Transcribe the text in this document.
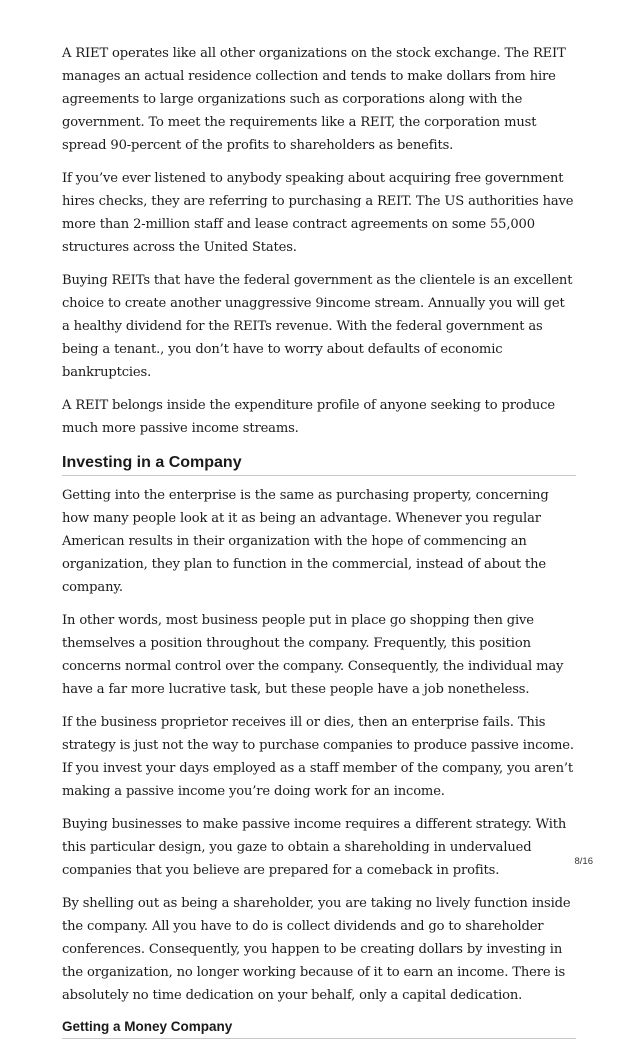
A RIET operates like all other organizations on the stock exchange. The REIT manages an actual residence collection and tends to make dollars from hire agreements to large organizations such as corporations along with the government. To meet the requirements like a REIT, the corporation must spread 90-percent of the profits to shareholders as benefits.

If you’ve ever listened to anybody speaking about acquiring free government hires checks, they are referring to purchasing a REIT. The US authorities have more than 2-million staff and lease contract agreements on some 55,000 structures across the United States.

Buying REITs that have the federal government as the clientele is an excellent choice to create another unaggressive 9income stream. Annually you will get a healthy dividend for the REITs revenue. With the federal government as being a tenant., you don’t have to worry about defaults of economic bankruptcies.

A REIT belongs inside the expenditure profile of anyone seeking to produce much more passive income streams.

Investing in a Company

Getting into the enterprise is the same as purchasing property, concerning how many people look at it as being an advantage. Whenever you regular American results in their organization with the hope of commencing an organization, they plan to function in the commercial, instead of about the company.

In other words, most business people put in place go shopping then give themselves a position throughout the company. Frequently, this position concerns normal control over the company. Consequently, the individual may have a far more lucrative task, but these people have a job nonetheless.

If the business proprietor receives ill or dies, then an enterprise fails. This strategy is just not the way to purchase companies to produce passive income. If you invest your days employed as a staff member of the company, you aren’t making a passive income you’re doing work for an income.

Buying businesses to make passive income requires a different strategy. With this particular design, you gaze to obtain a shareholding in undervalued companies that you believe are prepared for a comeback in profits.

By shelling out as being a shareholder, you are taking no lively function inside the company. All you have to do is collect dividends and go to shareholder conferences. Consequently, you happen to be creating dollars by investing in the organization, no longer working because of it to earn an income. There is absolutely no time dedication on your behalf, only a capital dedication.

Getting a Money Company
8/16
